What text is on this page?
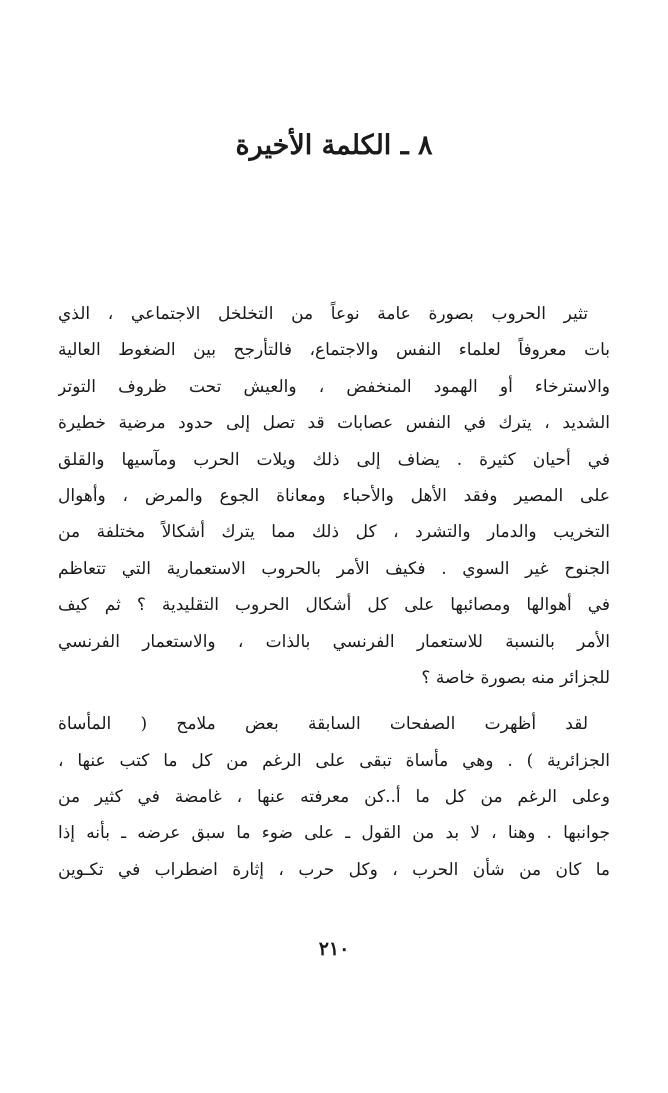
٨ ـ الكلمة الأخيرة

تثير الحروب بصورة عامة نوعاً من التخلخل الاجتماعي ، الذي
بات معروفاً لعلماء النفس والاجتماع، فالتأرجح بين الضغوط العالية
والاسترخاء أو الهمود المنخفض ، والعيش تحت ظروف التوتر
الشديد ، يترك في النفس عصابات قد تصل إلى حدود مرضية خطيرة
في أحيان كثيرة . يضاف إلى ذلك ويلات الحرب ومآسيها والقلق
على المصير وفقد الأهل والأحباء ومعاناة الجوع والمرض ، وأهوال
التخريب والدمار والتشرد ، كل ذلك مما يترك أشكالاً مختلفة من
الجنوح غير السوي . فكيف الأمر بالحروب الاستعمارية التي تتعاظم
في أهوالها ومصائبها على كل أشكال الحروب التقليدية ؟ ثم كيف
الأمر بالنسبة للاستعمار الفرنسي بالذات ، والاستعمار الفرنسي
للجزائر منه بصورة خاصة ؟

لقد أظهرت الصفحات السابقة بعض ملامح ( المأساة
الجزائرية ) . وهي مأساة تبقى على الرغم من كل ما كتب عنها ،
وعلى الرغم من كل ما أ..كن معرفته عنها ، غامضة في كثير من
جوانبها . وهنا ، لا بد من القول ـ على ضوء ما سبق عرضه ـ بأنه إذا
ما كان من شأن الحرب ، وكل حرب ، إثارة اضطراب في تكـوين

٢١٠
